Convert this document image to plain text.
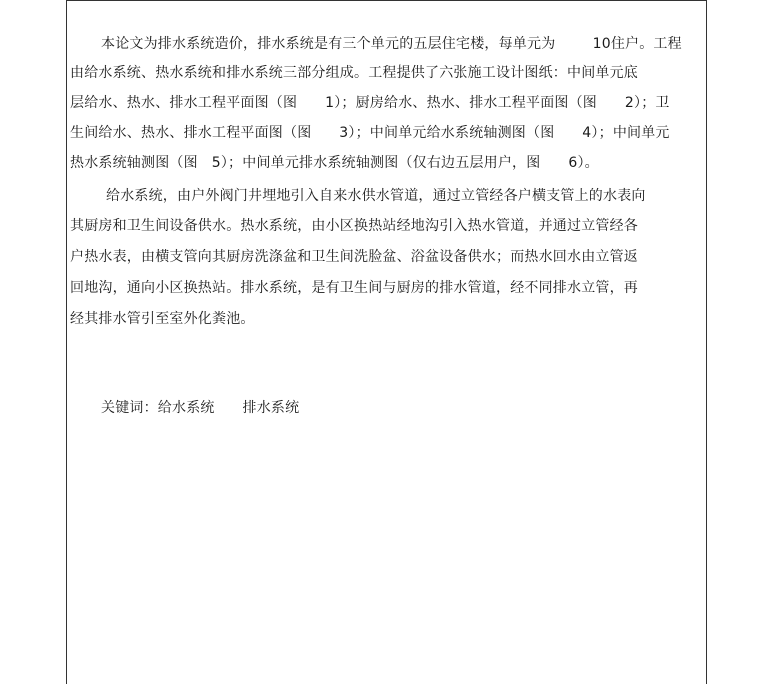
本论文为排水系统造价，排水系统是有三个单元的五层住宅楼，每单元为        10住户。工程
由给水系统、热水系统和排水系统三部分组成。工程提供了六张施工设计图纸：中间单元底
层给水、热水、排水工程平面图（图      1）；厨房给水、热水、排水工程平面图（图      2）；卫
生间给水、热水、排水工程平面图（图      3）；中间单元给水系统轴测图（图      4）；中间单元
热水系统轴测图（图   5）；中间单元排水系统轴测图（仅右边五层用户，图      6）。
给水系统，由户外阀门井埋地引入自来水供水管道，通过立管经各户横支管上的水表向
其厨房和卫生间设备供水。热水系统，由小区换热站经地沟引入热水管道，并通过立管经各
户热水表，由横支管向其厨房洗涤盆和卫生间洗脸盆、浴盆设备供水；而热水回水由立管返
回地沟，通向小区换热站。排水系统，是有卫生间与厨房的排水管道，经不同排水立管，再
经其排水管引至室外化粪池。
关键词：给水系统      排水系统
